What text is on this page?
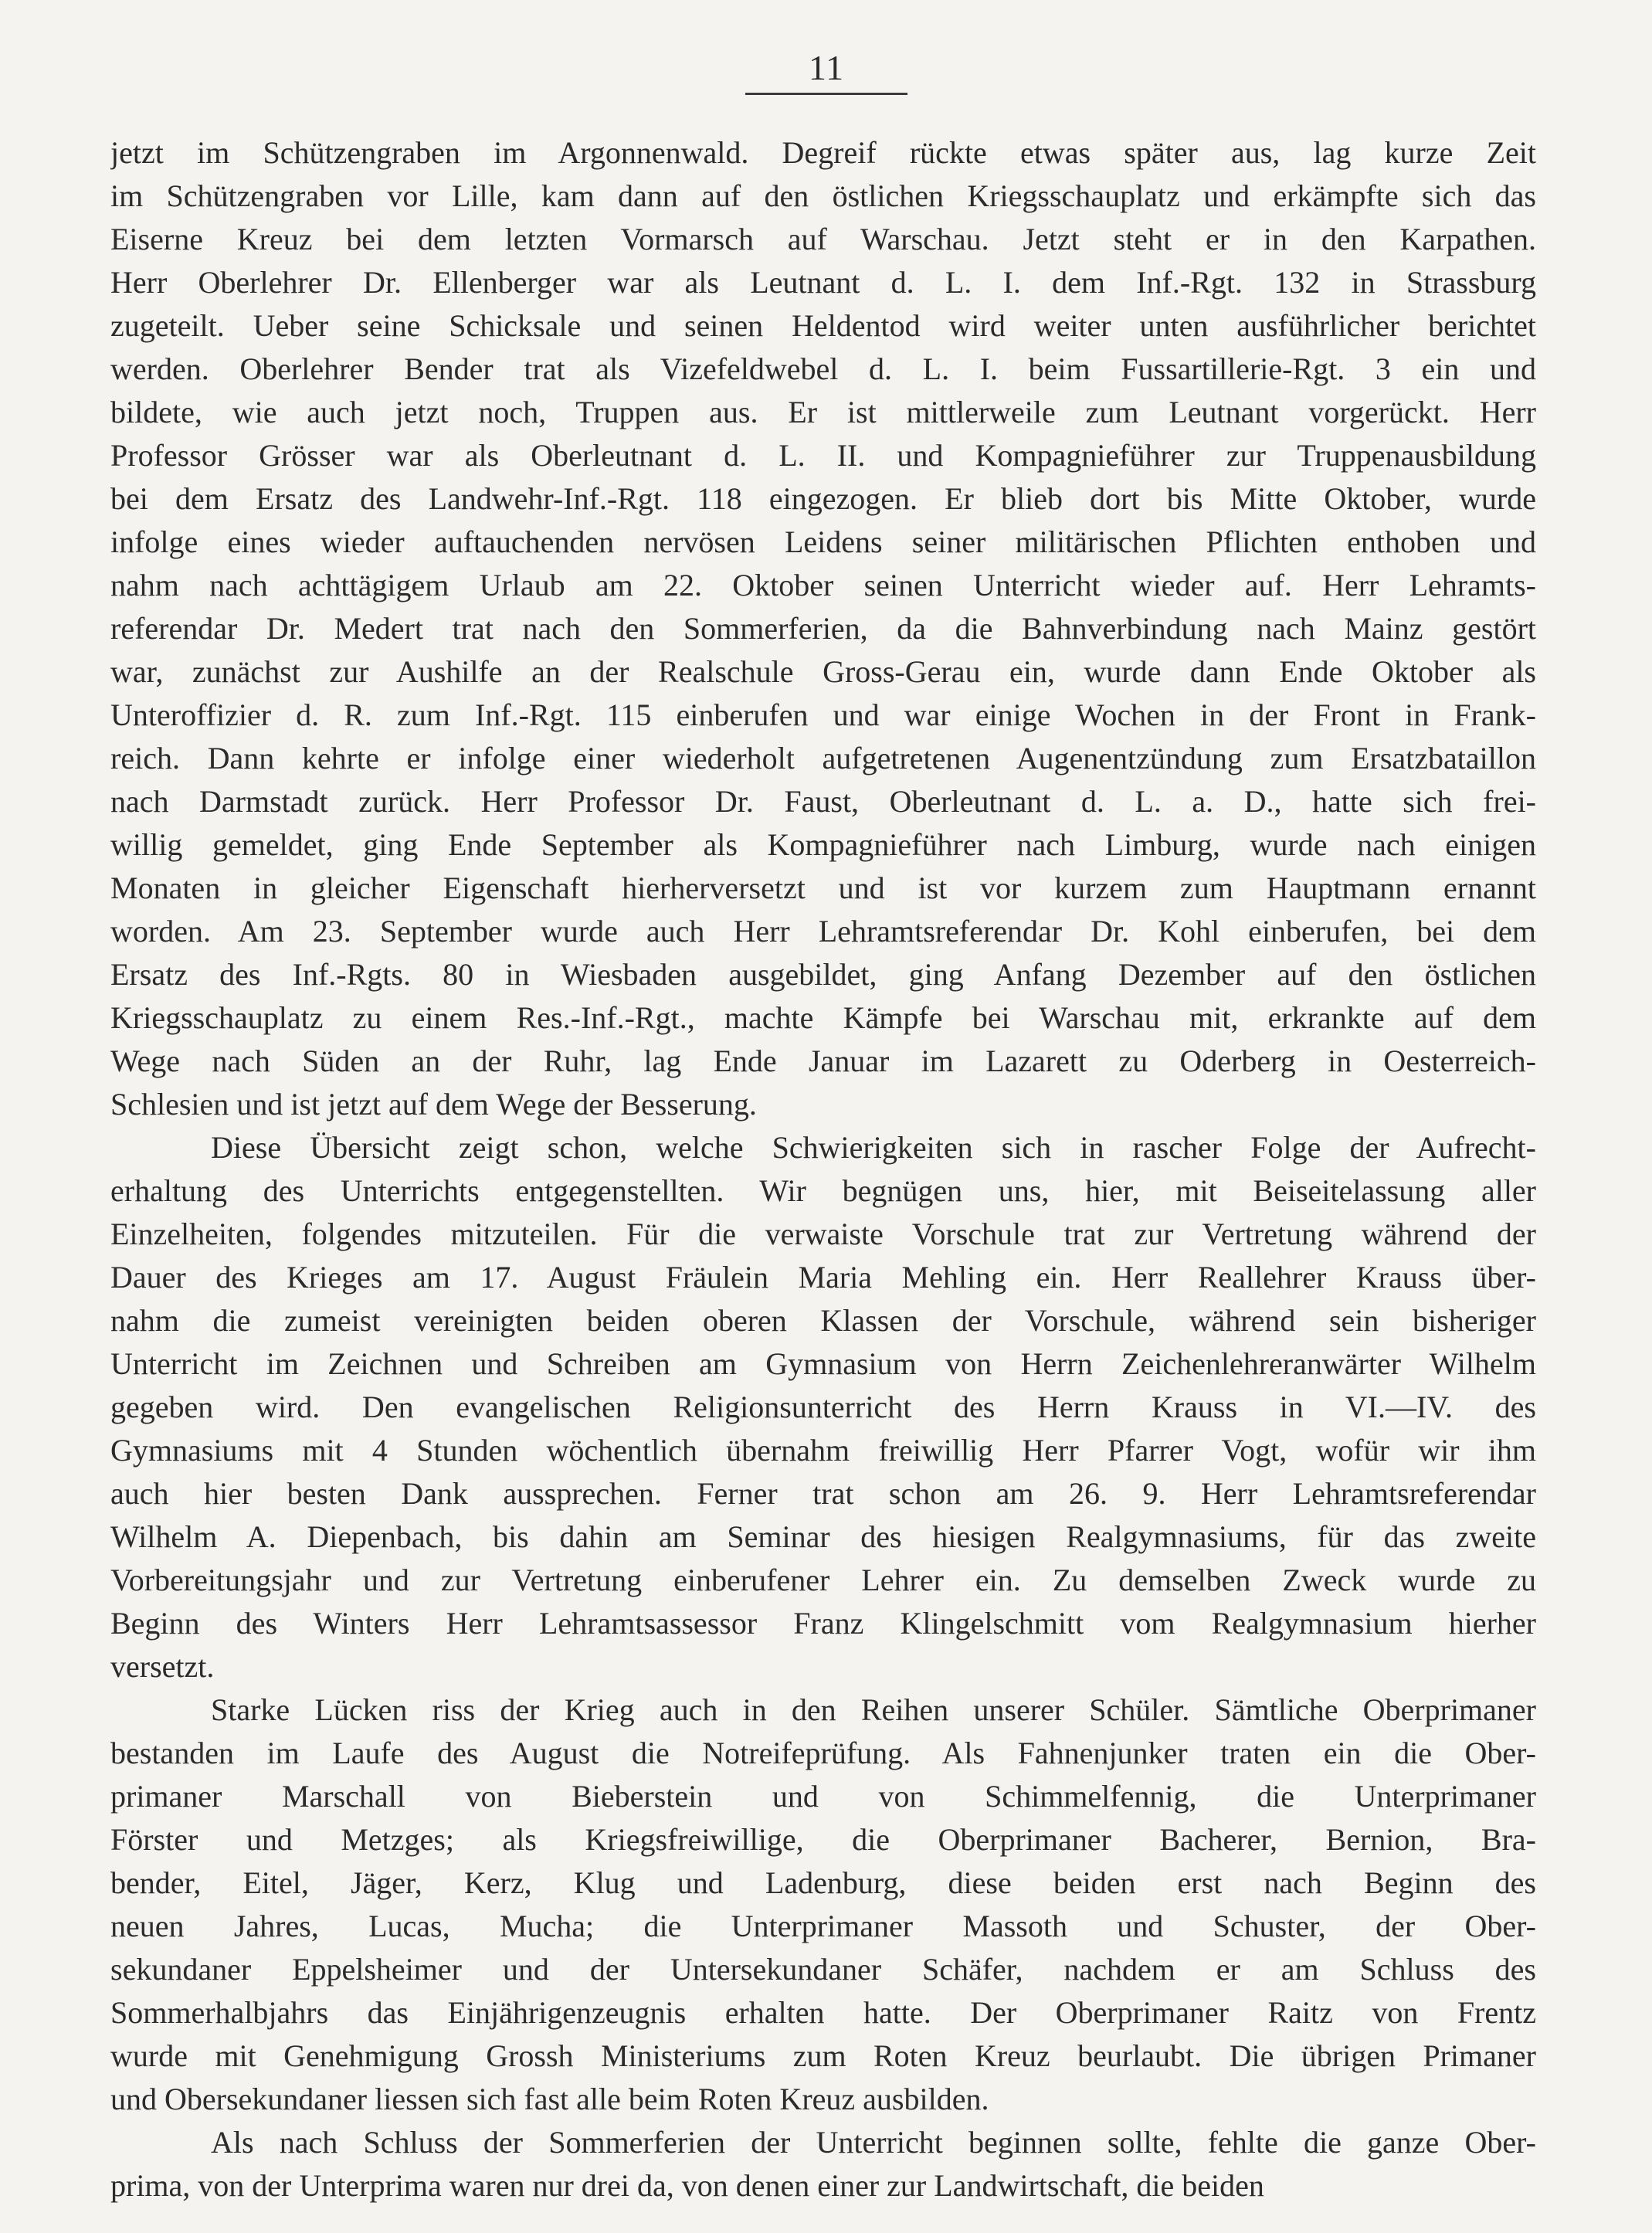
11
jetzt im Schützengraben im Argonnenwald. Degreif rückte etwas später aus, lag kurze Zeit
im Schützengraben vor Lille, kam dann auf den östlichen Kriegsschauplatz und erkämpfte sich das
Eiserne Kreuz bei dem letzten Vormarsch auf Warschau. Jetzt steht er in den Karpathen.
Herr Oberlehrer Dr. Ellenberger war als Leutnant d. L. I. dem Inf.-Rgt. 132 in Strassburg
zugeteilt. Ueber seine Schicksale und seinen Heldentod wird weiter unten ausführlicher berichtet
werden. Oberlehrer Bender trat als Vizefeldwebel d. L. I. beim Fussartillerie-Rgt. 3 ein und
bildete, wie auch jetzt noch, Truppen aus. Er ist mittlerweile zum Leutnant vorgerückt. Herr
Professor Grösser war als Oberleutnant d. L. II. und Kompagnieführer zur Truppenausbildung
bei dem Ersatz des Landwehr-Inf.-Rgt. 118 eingezogen. Er blieb dort bis Mitte Oktober, wurde
infolge eines wieder auftauchenden nervösen Leidens seiner militärischen Pflichten enthoben und
nahm nach achttägigem Urlaub am 22. Oktober seinen Unterricht wieder auf. Herr Lehramts-
referendar Dr. Medert trat nach den Sommerferien, da die Bahnverbindung nach Mainz gestört
war, zunächst zur Aushilfe an der Realschule Gross-Gerau ein, wurde dann Ende Oktober als
Unteroffizier d. R. zum Inf.-Rgt. 115 einberufen und war einige Wochen in der Front in Frank-
reich. Dann kehrte er infolge einer wiederholt aufgetretenen Augenentzündung zum Ersatzbataillon
nach Darmstadt zurück. Herr Professor Dr. Faust, Oberleutnant d. L. a. D., hatte sich frei-
willig gemeldet, ging Ende September als Kompagnieführer nach Limburg, wurde nach einigen
Monaten in gleicher Eigenschaft hierherversetzt und ist vor kurzem zum Hauptmann ernannt
worden. Am 23. September wurde auch Herr Lehramtsreferendar Dr. Kohl einberufen, bei dem
Ersatz des Inf.-Rgts. 80 in Wiesbaden ausgebildet, ging Anfang Dezember auf den östlichen
Kriegsschauplatz zu einem Res.-Inf.-Rgt., machte Kämpfe bei Warschau mit, erkrankte auf dem
Wege nach Süden an der Ruhr, lag Ende Januar im Lazarett zu Oderberg in Oesterreich-
Schlesien und ist jetzt auf dem Wege der Besserung.
Diese Übersicht zeigt schon, welche Schwierigkeiten sich in rascher Folge der Aufrecht-
erhaltung des Unterrichts entgegenstellten. Wir begnügen uns, hier, mit Beiseitelassung aller
Einzelheiten, folgendes mitzuteilen. Für die verwaiste Vorschule trat zur Vertretung während der
Dauer des Krieges am 17. August Fräulein Maria Mehling ein. Herr Reallehrer Krauss über-
nahm die zumeist vereinigten beiden oberen Klassen der Vorschule, während sein bisheriger
Unterricht im Zeichnen und Schreiben am Gymnasium von Herrn Zeichenlehreranwärter Wilhelm
gegeben wird. Den evangelischen Religionsunterricht des Herrn Krauss in VI.—IV. des
Gymnasiums mit 4 Stunden wöchentlich übernahm freiwillig Herr Pfarrer Vogt, wofür wir ihm
auch hier besten Dank aussprechen. Ferner trat schon am 26. 9. Herr Lehramtsreferendar
Wilhelm A. Diepenbach, bis dahin am Seminar des hiesigen Realgymnasiums, für das zweite
Vorbereitungsjahr und zur Vertretung einberufener Lehrer ein. Zu demselben Zweck wurde zu
Beginn des Winters Herr Lehramtsassessor Franz Klingelschmitt vom Realgymnasium hierher
versetzt.
Starke Lücken riss der Krieg auch in den Reihen unserer Schüler. Sämtliche Oberprimaner
bestanden im Laufe des August die Notreifeprüfung. Als Fahnenjunker traten ein die Ober-
primaner Marschall von Bieberstein und von Schimmelfennig, die Unterprimaner
Förster und Metzges; als Kriegsfreiwillige, die Oberprimaner Bacherer, Bernion, Bra-
bender, Eitel, Jäger, Kerz, Klug und Ladenburg, diese beiden erst nach Beginn des
neuen Jahres, Lucas, Mucha; die Unterprimaner Massoth und Schuster, der Ober-
sekundaner Eppelsheimer und der Untersekundaner Schäfer, nachdem er am Schluss des
Sommerhalbjahrs das Einjährigenzeugnis erhalten hatte. Der Oberprimaner Raitz von Frentz
wurde mit Genehmigung Grossh Ministeriums zum Roten Kreuz beurlaubt. Die übrigen Primaner
und Obersekundaner liessen sich fast alle beim Roten Kreuz ausbilden.
Als nach Schluss der Sommerferien der Unterricht beginnen sollte, fehlte die ganze Ober-
prima, von der Unterprima waren nur drei da, von denen einer zur Landwirtschaft, die beiden
